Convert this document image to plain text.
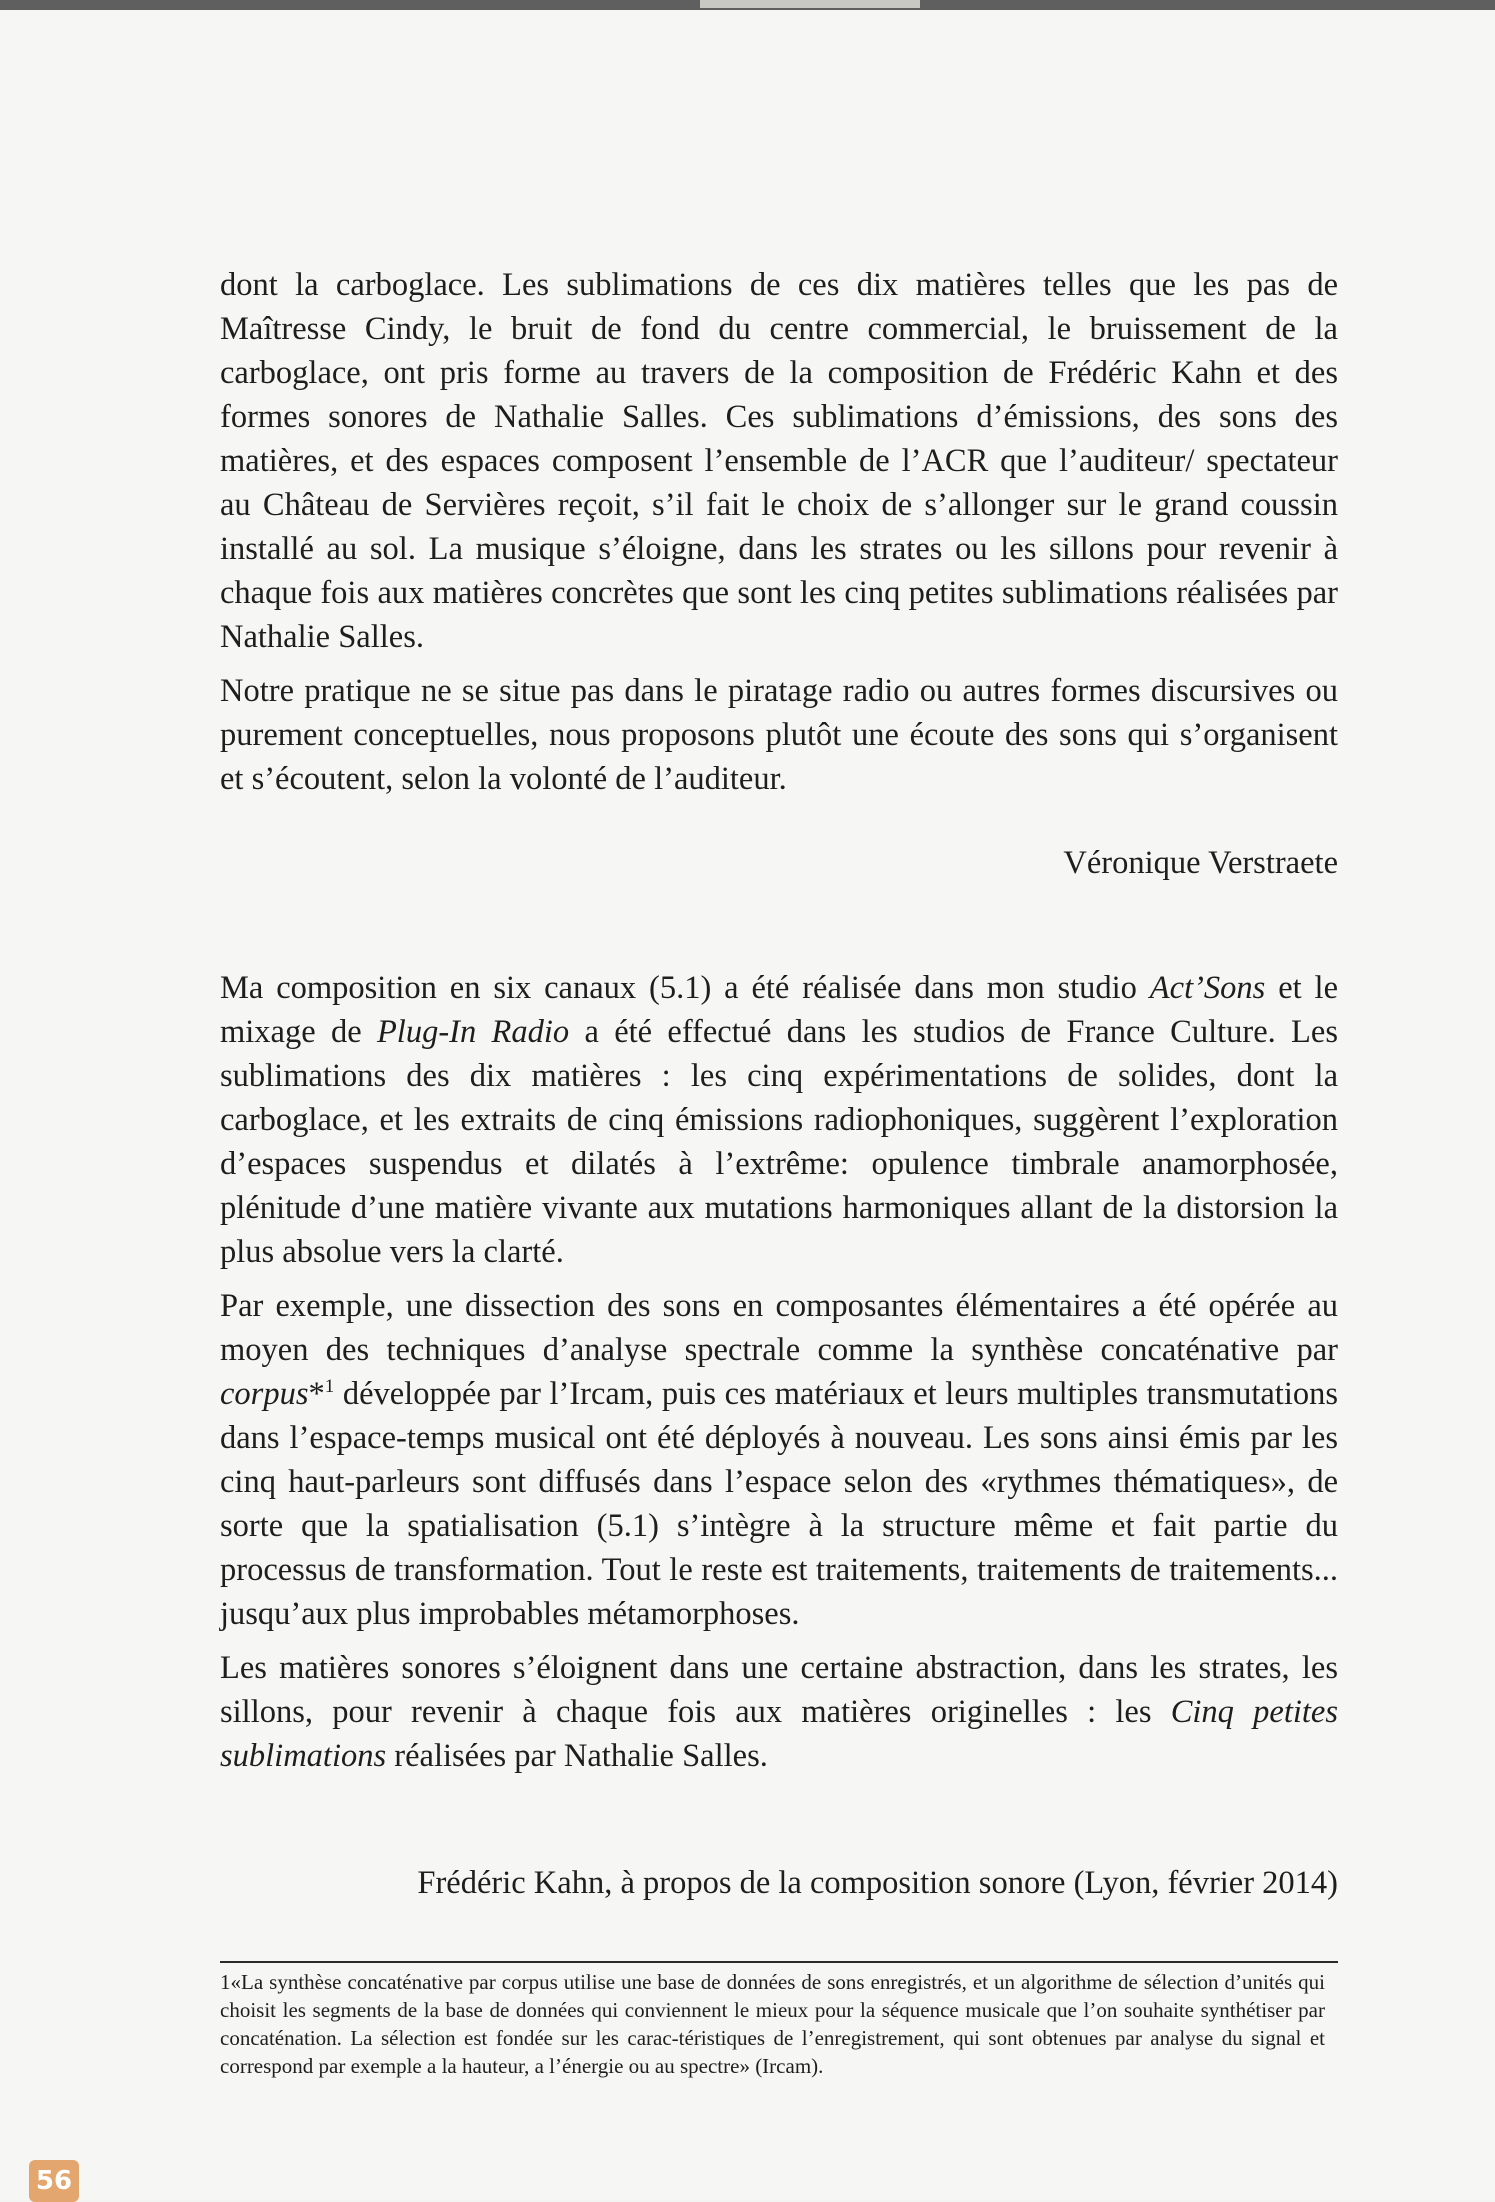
dont la carboglace. Les sublimations de ces dix matières telles que les pas de Maîtresse Cindy, le bruit de fond du centre commercial, le bruissement de la carboglace, ont pris forme au travers de la composition de Frédéric Kahn et des formes sonores de Nathalie Salles. Ces sublimations d’émissions, des sons des matières, et des espaces composent l’ensemble de l’ACR que l’auditeur/ spectateur au Château de Servières reçoit, s’il fait le choix de s’allonger sur le grand coussin installé au sol. La musique s’éloigne, dans les strates ou les sillons pour revenir à chaque fois aux matières concrètes que sont les cinq petites sublimations réalisées par Nathalie Salles.

Notre pratique ne se situe pas dans le piratage radio ou autres formes discursives ou purement conceptuelles, nous proposons plutôt une écoute des sons qui s’organisent et s’écoutent, selon la volonté de l’auditeur.

Véronique Verstraete

Ma composition en six canaux (5.1) a été réalisée dans mon studio Act’Sons et le mixage de Plug-In Radio a été effectué dans les studios de France Culture. Les sublimations des dix matières : les cinq expérimentations de solides, dont la carboglace, et les extraits de cinq émissions radiophoniques, suggèrent l’exploration d’espaces suspendus et dilatés à l’extrême: opulence timbrale anamorphosée, plénitude d’une matière vivante aux mutations harmoniques allant de la distorsion la plus absolue vers la clarté.

Par exemple, une dissection des sons en composantes élémentaires a été opérée au moyen des techniques d’analyse spectrale comme la synthèse concaténative par corpus*$^1$ développée par l’Ircam, puis ces matériaux et leurs multiples transmutations dans l’espace-temps musical ont été déployés à nouveau. Les sons ainsi émis par les cinq haut-parleurs sont diffusés dans l’espace selon des «rythmes thématiques», de sorte que la spatialisation (5.1) s’intègre à la structure même et fait partie du processus de transformation. Tout le reste est traitements, traitements de traitements... jusqu’aux plus improbables métamorphoses.

Les matières sonores s’éloignent dans une certaine abstraction, dans les strates, les sillons, pour revenir à chaque fois aux matières originelles : les Cinq petites sublimations réalisées par Nathalie Salles.

Frédéric Kahn, à propos de la composition sonore (Lyon, février 2014)
1«La synthèse concaténative par corpus utilise une base de données de sons enregistrés, et un algorithme de sélection d’unités qui choisit les segments de la base de données qui conviennent le mieux pour la séquence musicale que l’on souhaite synthétiser par concaténation. La sélection est fondée sur les carac-téristiques de l’enregistrement, qui sont obtenues par analyse du signal et correspond par exemple a la hauteur, a l’énergie ou au spectre» (Ircam).
56
